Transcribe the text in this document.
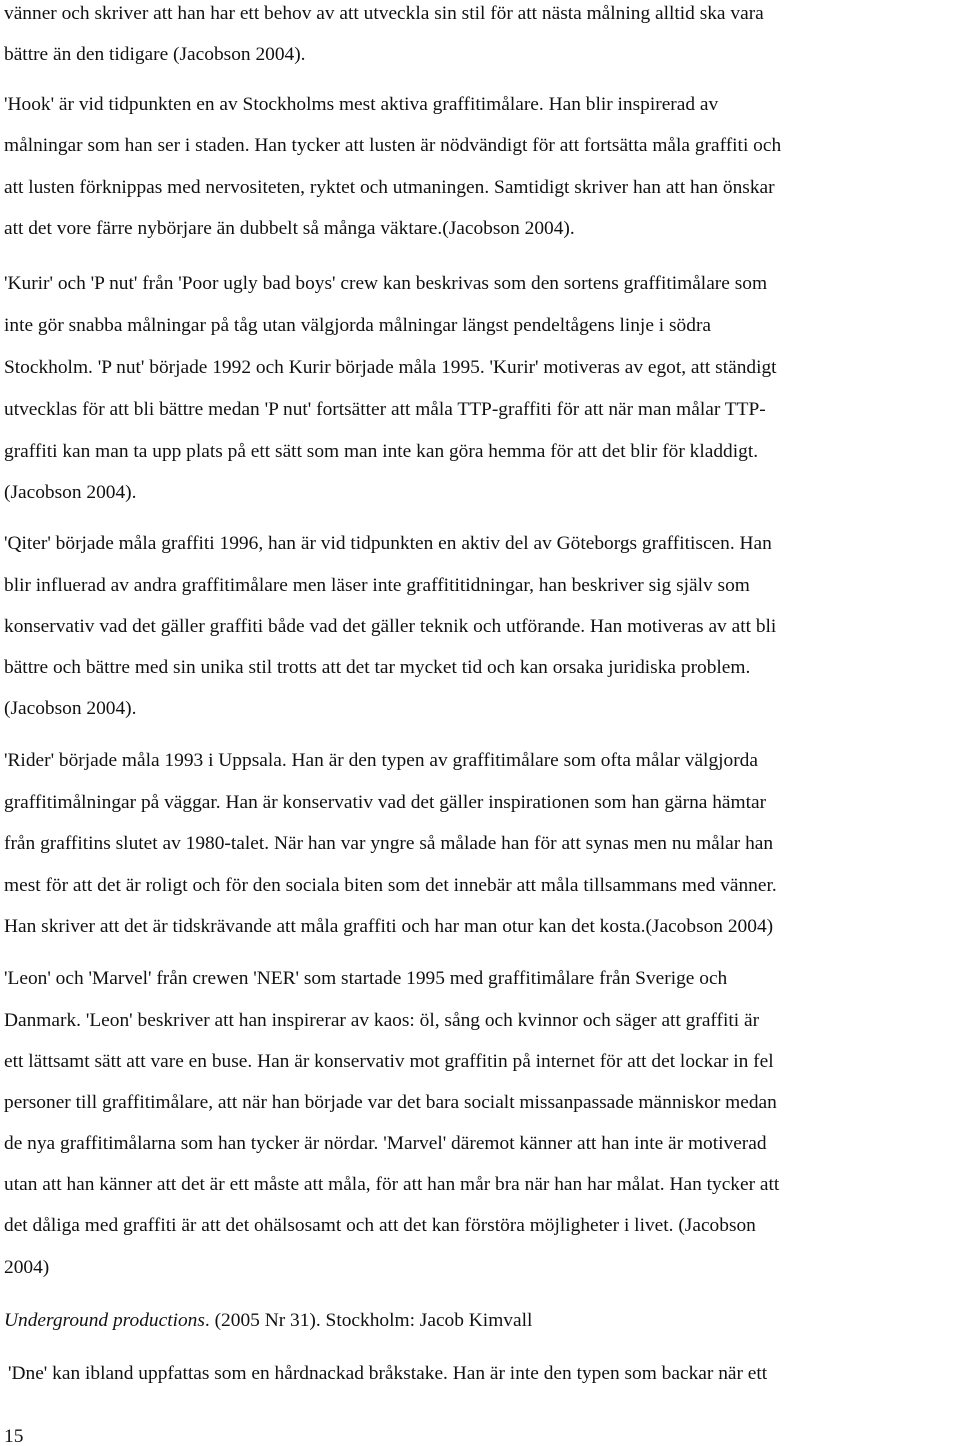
vänner och skriver att han har ett behov av att utveckla sin stil för att nästa målning alltid ska vara
bättre än den tidigare (Jacobson 2004).
'Hook' är vid tidpunkten en av Stockholms mest aktiva graffitimålare. Han blir inspirerad av
målningar som han ser i staden. Han tycker att lusten är nödvändigt för att fortsätta måla graffiti och
att lusten förknippas med nervositeten, ryktet och utmaningen. Samtidigt skriver han att han önskar
att det vore färre nybörjare än dubbelt så många väktare.(Jacobson 2004).
'Kurir' och 'P nut' från 'Poor ugly bad boys' crew kan beskrivas som den sortens graffitimålare som
inte gör snabba målningar på tåg utan välgjorda målningar längst pendeltågens linje i södra
Stockholm. 'P nut' började 1992 och Kurir började måla 1995. 'Kurir' motiveras av egot, att ständigt
utvecklas för att bli bättre medan 'P nut' fortsätter att måla TTP-graffiti för att när man målar TTP-
graffiti kan man ta upp plats på ett sätt som man inte kan göra hemma för att det blir för kladdigt.
(Jacobson 2004).
'Qiter' började måla graffiti 1996, han är vid tidpunkten en aktiv del av Göteborgs graffitiscen. Han
blir influerad av andra graffitimålare men läser inte graffititidningar, han beskriver sig själv som
konservativ vad det gäller graffiti både vad det gäller teknik och utförande. Han motiveras av att bli
bättre och bättre med sin unika stil trotts att det tar mycket tid och kan orsaka juridiska problem.
(Jacobson 2004).
'Rider' började måla 1993 i Uppsala. Han är den typen av graffitimålare som ofta målar välgjorda
graffitimålningar på väggar. Han är konservativ vad det gäller inspirationen som han gärna hämtar
från graffitins slutet av 1980-talet. När han var yngre så målade han för att synas men nu målar han
mest för att det är roligt och för den sociala biten som det innebär att måla tillsammans med vänner.
Han skriver att det är tidskrävande att måla graffiti och har man otur kan det kosta.(Jacobson 2004)
'Leon' och 'Marvel' från crewen 'NER' som startade 1995 med graffitimålare från Sverige och
Danmark. 'Leon' beskriver att han inspirerar av kaos: öl, sång och kvinnor och säger att graffiti är
ett lättsamt sätt att vare en buse. Han är konservativ mot graffitin på internet för att det lockar in fel
personer till graffitimålare, att när han började var det bara socialt missanpassade människor medan
de nya graffitimålarna som han tycker är nördar. 'Marvel' däremot känner att han inte är motiverad
utan att han känner att det är ett måste att måla, för att han mår bra när han har målat. Han tycker att
det dåliga med graffiti är att det ohälsosamt och att det kan förstöra möjligheter i livet. (Jacobson
2004)
Underground productions. (2005 Nr 31). Stockholm: Jacob Kimvall
'Dne' kan ibland uppfattas som en hårdnackad bråkstake. Han är inte den typen som backar när ett
15
